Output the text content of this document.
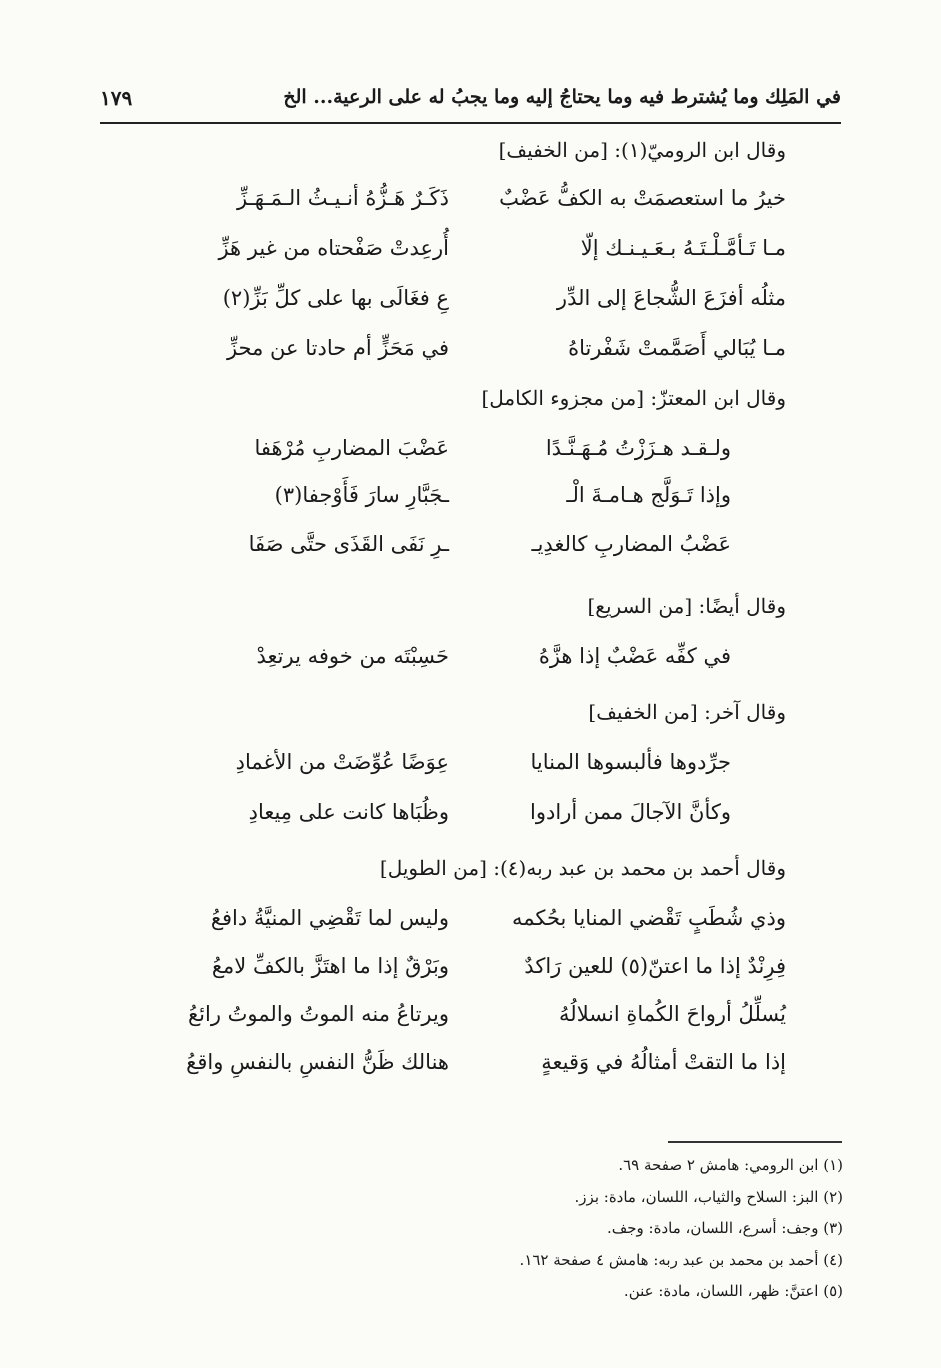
في المَلِك وما يُشترط فيه وما يحتاجُ إليه وما يجبُ له على الرعية... الخ
١٧٩
وقال ابن الروميّ(١): [من الخفيف]
خيرُ ما استعصمَتْ به الكفُّ عَضْبٌ
ذَكَـرٌ هَـزُّهُ أنـيـثُ الـمَـهَـزِّ
مـا تَـأمَّـلْـتَـهُ بـعَـيـنـك إلّا
أُرعِدتْ صَفْحتاه من غير هَزِّ
مثلُه أفزَعَ الشُّجاعَ إلى الدِّر
عِ فغَالَى بها على كلِّ بَزِّ(٢)
مـا يُبَالي أَصَمَّمتْ شَفْرتاهُ
في مَحَزٍّ أم حادتا عن محزِّ
وقال ابن المعتزّ: [من مجزوء الكامل]
ولـقـد هـزَزْتُ مُـهَـنَّـدًا
عَضْبَ المضاربِ مُرْهَفا
وإذا تَـوَلَّج هـامـةَ الْـ
ـجَبَّارِ سارَ فَأَوْجفا(٣)
عَضْبُ المضاربِ كالغدِيـ
ـرِ نَفَى القَذَى حتَّى صَفَا
وقال أيضًا: [من السريع]
في كفِّه عَضْبٌ إذا هزَّهُ
حَسِبْتَه من خوفه يرتعِدْ
وقال آخر: [من الخفيف]
جرِّدوها فألبسوها المنايا
عِوَضًا عُوِّضَتْ من الأغمادِ
وكأنَّ الآجالَ ممن أرادوا
وظُبَاها كانت على مِيعادِ
وقال أحمد بن محمد بن عبد ربه(٤): [من الطويل]
وذي شُطَبٍ تَقْضي المنايا بحُكمه
وليس لما تَقْضِي المنيَّةُ دافعُ
فِرِنْدٌ إذا ما اعتنّ(٥) للعين رَاكدٌ
وبَرْقٌ إذا ما اهتَزَّ بالكفِّ لامعُ
يُسلِّلُ أرواحَ الكُماةِ انسلالُهُ
ويرتاعُ منه الموتُ والموتُ رائعُ
إذا ما التقتْ أمثالُهُ في وَقيعةٍ
هنالك ظَنُّ النفسِ بالنفسِ واقعُ
(١) ابن الرومي: هامش ٢ صفحة ٦٩.
(٢) البز: السلاح والثياب، اللسان، مادة: بزز.
(٣) وجف: أسرع، اللسان، مادة: وجف.
(٤) أحمد بن محمد بن عبد ربه: هامش ٤ صفحة ١٦٢.
(٥) اعتنَّ: ظهر، اللسان، مادة: عنن.
